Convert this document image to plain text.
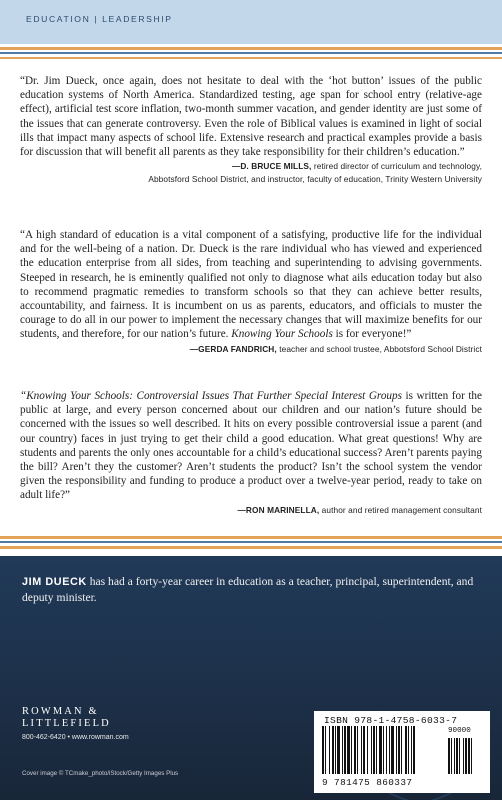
EDUCATION | LEADERSHIP

“Dr. Jim Dueck, once again, does not hesitate to deal with the ‘hot button’ issues of the public education systems of North America. Standardized testing, age span for school entry (relative-age effect), artificial test score inflation, two-month summer vacation, and gender identity are just some of the issues that can generate controversy. Even the role of Biblical values is examined in light of social ills that impact many aspects of school life. Extensive research and practical examples provide a basis for discussion that will benefit all parents as they take responsibility for their children’s education.”

—D. BRUCE MILLS, retired director of curriculum and technology,
Abbotsford School District, and instructor, faculty of education, Trinity Western University

“A high standard of education is a vital component of a satisfying, productive life for the individual and for the well-being of a nation. Dr. Dueck is the rare individual who has viewed and experienced the education enterprise from all sides, from teaching and superintending to advising governments. Steeped in research, he is eminently qualified not only to diagnose what ails education today but also to recommend pragmatic remedies to transform schools so that they can achieve better results, accountability, and fairness. It is incumbent on us as parents, educators, and officials to muster the courage to do all in our power to implement the necessary changes that will maximize benefits for our students, and therefore, for our nation’s future. Knowing Your Schools is for everyone!”

—GERDA FANDRICH, teacher and school trustee, Abbotsford School District

“Knowing Your Schools: Controversial Issues That Further Special Interest Groups is written for the public at large, and every person concerned about our children and our nation’s future should be concerned with the issues so well described. It hits on every possible controversial issue a parent (and our country) faces in just trying to get their child a good education. What great questions! Why are students and parents the only ones accountable for a child’s educational success? Aren’t parents paying the bill? Aren’t they the customer? Aren’t students the product? Isn’t the school system the vendor given the responsibility and funding to produce a product over a twelve-year period, ready to take on adult life?”

—RON MARINELLA, author and retired management consultant

JIM DUECK has had a forty-year career in education as a teacher, principal, superintendent, and deputy minister.

ROWMAN &
LITTLEFIELD
800-462-6420 • www.rowman.com
Cover image © TCmake_photo/iStock/Getty Images Plus
ISBN 978-1-4758-6033-7
90000
9 781475 860337
